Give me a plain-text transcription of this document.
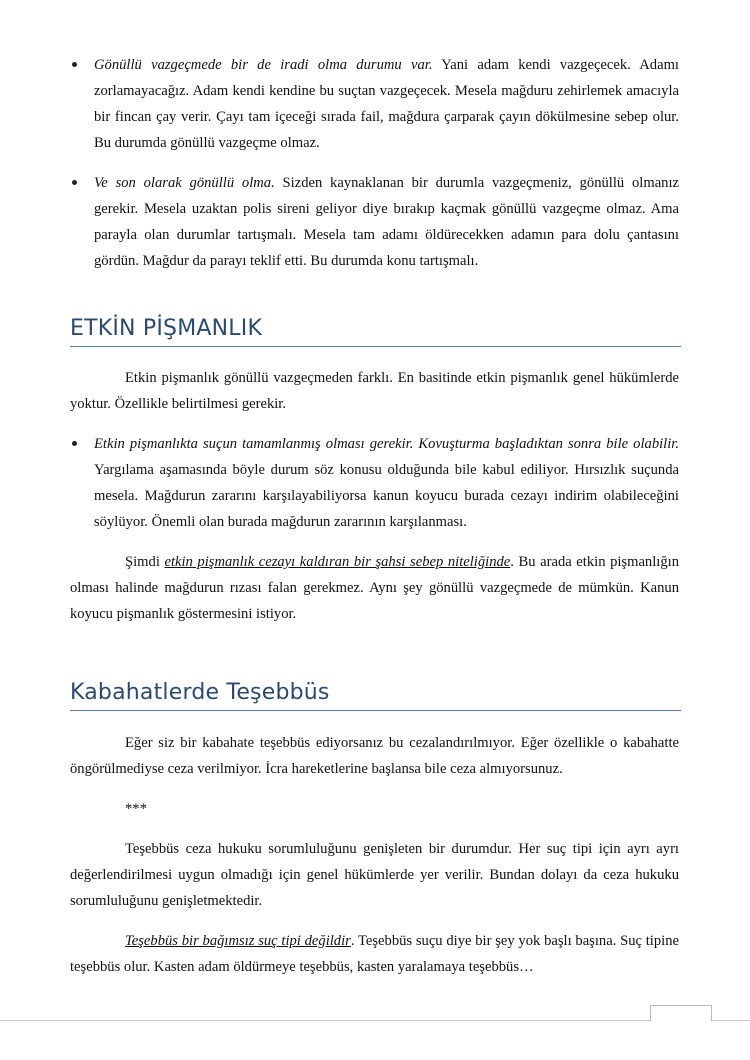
Gönüllü vazgeçmede bir de iradi olma durumu var. Yani adam kendi vazgeçecek. Adamı zorlamayacağız. Adam kendi kendine bu suçtan vazgeçecek. Mesela mağduru zehirlemek amacıyla bir fincan çay verir. Çayı tam içeceği sırada fail, mağdura çarparak çayın dökülmesine sebep olur. Bu durumda gönüllü vazgeçme olmaz.

Ve son olarak gönüllü olma. Sizden kaynaklanan bir durumla vazgeçmeniz, gönüllü olmanız gerekir. Mesela uzaktan polis sireni geliyor diye bırakıp kaçmak gönüllü vazgeçme olmaz. Ama parayla olan durumlar tartışmalı. Mesela tam adamı öldürecekken adamın para dolu çantasını gördün. Mağdur da parayı teklif etti. Bu durumda konu tartışmalı.

ETKİN PİŞMANLIK

Etkin pişmanlık gönüllü vazgeçmeden farklı. En basitinde etkin pişmanlık genel hükümlerde yoktur. Özellikle belirtilmesi gerekir.

Etkin pişmanlıkta suçun tamamlanmış olması gerekir. Kovuşturma başladıktan sonra bile olabilir. Yargılama aşamasında böyle durum söz konusu olduğunda bile kabul ediliyor. Hırsızlık suçunda mesela. Mağdurun zararını karşılayabiliyorsa kanun koyucu burada cezayı indirim olabileceğini söylüyor. Önemli olan burada mağdurun zararının karşılanması.

Şimdi etkin pişmanlık cezayı kaldıran bir şahsi sebep niteliğinde. Bu arada etkin pişmanlığın olması halinde mağdurun rızası falan gerekmez. Aynı şey gönüllü vazgeçmede de mümkün. Kanun koyucu pişmanlık göstermesini istiyor.

Kabahatlerde Teşebbüs

Eğer siz bir kabahate teşebbüs ediyorsanız bu cezalandırılmıyor. Eğer özellikle o kabahatte öngörülmediyse ceza verilmiyor. İcra hareketlerine başlansa bile ceza almıyorsunuz.

***

Teşebbüs ceza hukuku sorumluluğunu genişleten bir durumdur. Her suç tipi için ayrı ayrı değerlendirilmesi uygun olmadığı için genel hükümlerde yer verilir. Bundan dolayı da ceza hukuku sorumluluğunu genişletmektedir.

Teşebbüs bir bağımsız suç tipi değildir. Teşebbüs suçu diye bir şey yok başlı başına. Suç tipine teşebbüs olur. Kasten adam öldürmeye teşebbüs, kasten yaralamaya teşebbüs…
